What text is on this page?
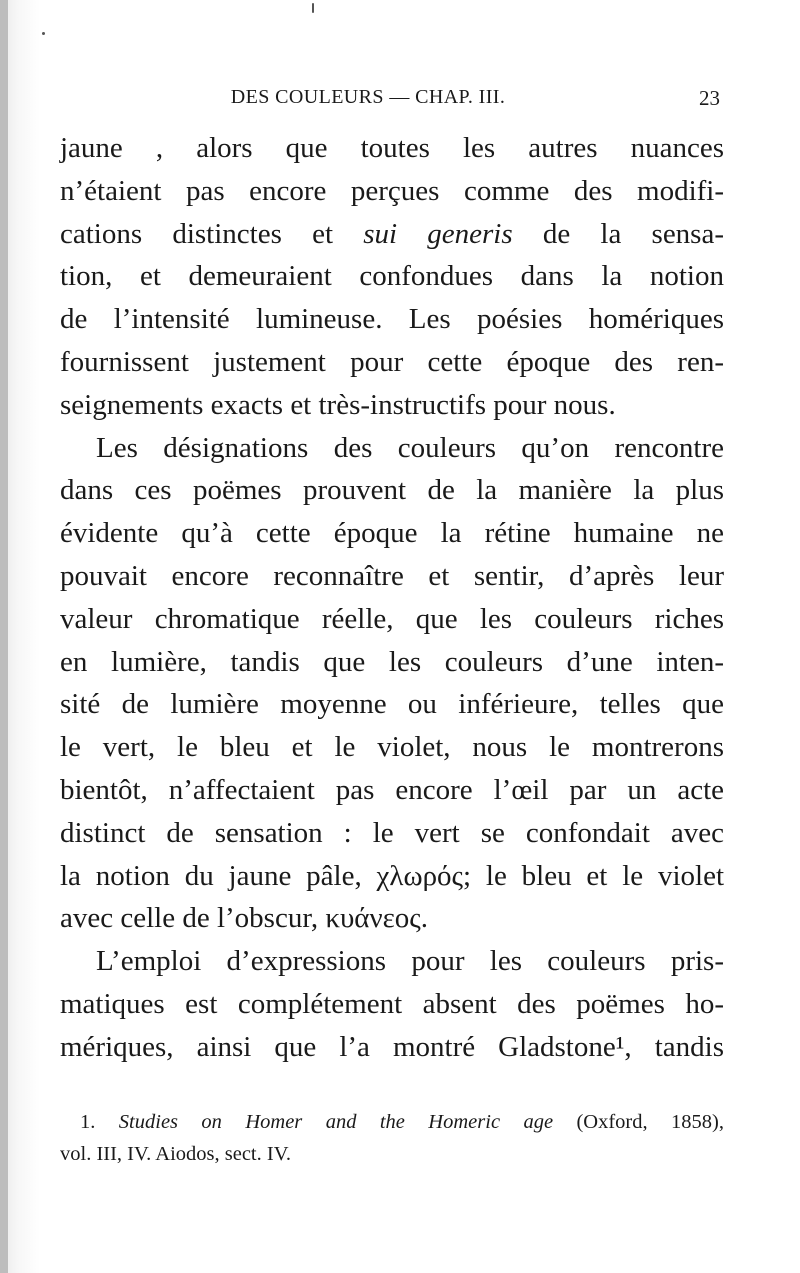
DES COULEURS — CHAP. III.	23
jaune , alors que toutes les autres nuances
n’étaient pas encore perçues comme des modifi-
cations distinctes et sui generis de la sensa-
tion, et demeuraient confondues dans la notion
de l’intensité lumineuse. Les poésies homériques
fournissent justement pour cette époque des ren-
seignements exacts et très-instructifs pour nous.
Les désignations des couleurs qu’on rencontre
dans ces poëmes prouvent de la manière la plus
évidente qu’à cette époque la rétine humaine ne
pouvait encore reconnaître et sentir, d’après leur
valeur chromatique réelle, que les couleurs riches
en lumière, tandis que les couleurs d’une inten-
sité de lumière moyenne ou inférieure, telles que
le vert, le bleu et le violet, nous le montrerons
bientôt, n’affectaient pas encore l’œil par un acte
distinct de sensation : le vert se confondait avec
la notion du jaune pâle, χλωρός; le bleu et le violet
avec celle de l’obscur, κυάνεος.
L’emploi d’expressions pour les couleurs pris-
matiques est complétement absent des poëmes ho-
mériques, ainsi que l’a montré Gladstone¹, tandis
1. Studies on Homer and the Homeric age (Oxford, 1858),
vol. III, IV. Aiodos, sect. IV.
